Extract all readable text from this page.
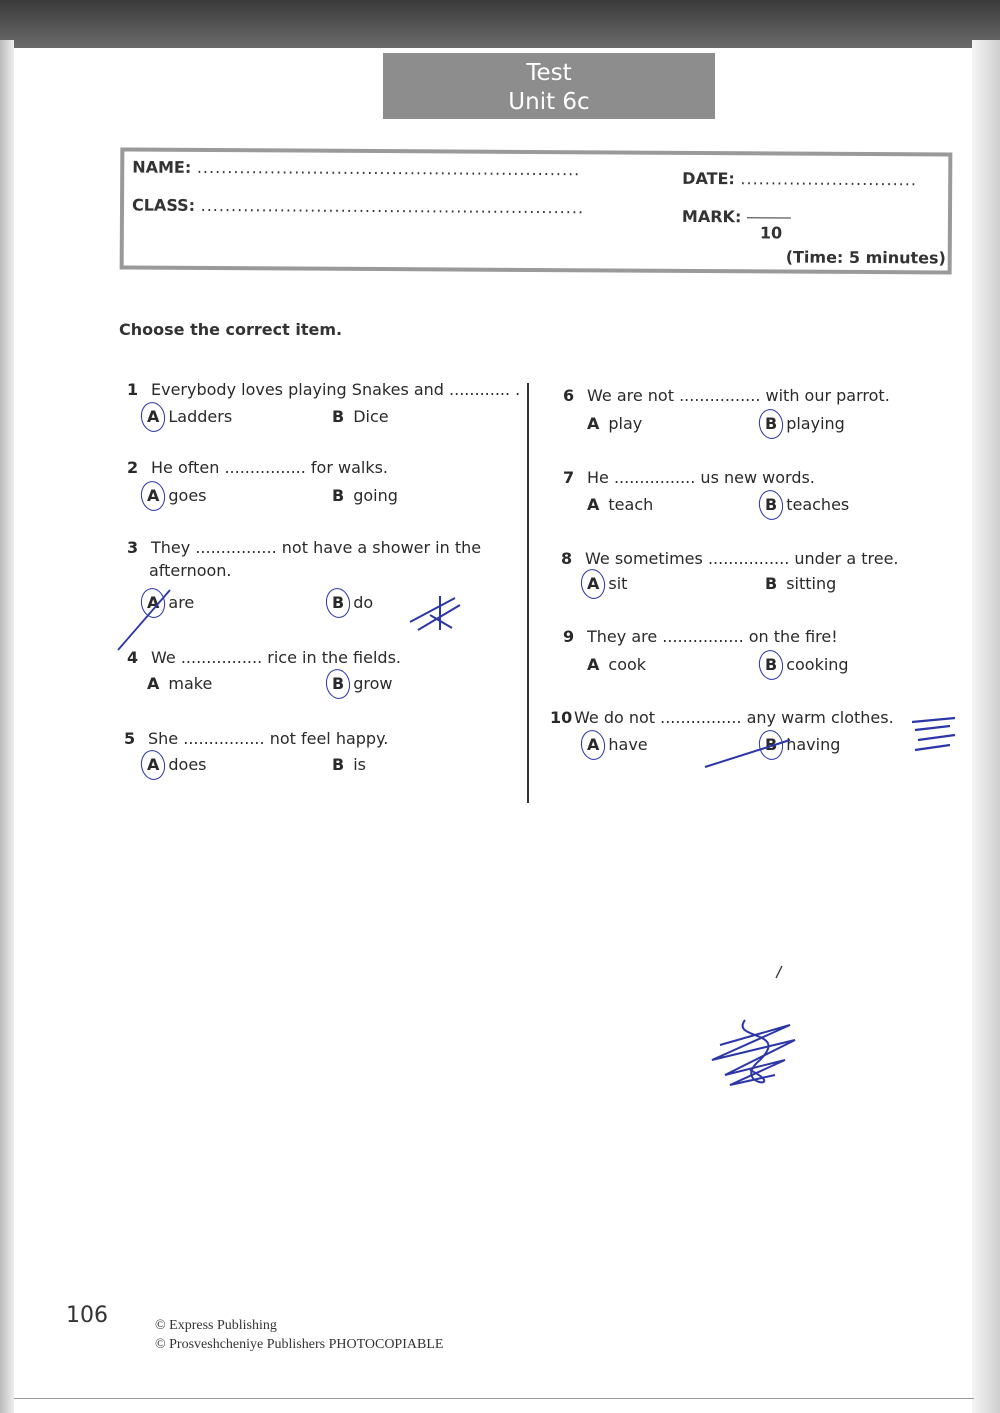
Test
Unit 6c
NAME: ...............................................................
CLASS: ...............................................................
DATE: .............................
MARK:
10
(Time: 5 minutes)
Choose the correct item.
1 Everybody loves playing Snakes and ............ .
A Ladders	B Dice
2 He often ................ for walks.
A goes	B going
3 They ................ not have a shower in the
afternoon.
A are	B do
4 We ................ rice in the fields.
A make	B grow
5 She ................ not feel happy.
A does	B is
6 We are not ................ with our parrot.
A play	B playing
7 He ................ us new words.
A teach	B teaches
8 We sometimes ................ under a tree.
A sit	B sitting
9 They are ................ on the fire!
A cook	B cooking
10 We do not ................ any warm clothes.
A have	B having
106	© Express Publishing
© Prosveshcheniye Publishers PHOTOCOPIABLE
